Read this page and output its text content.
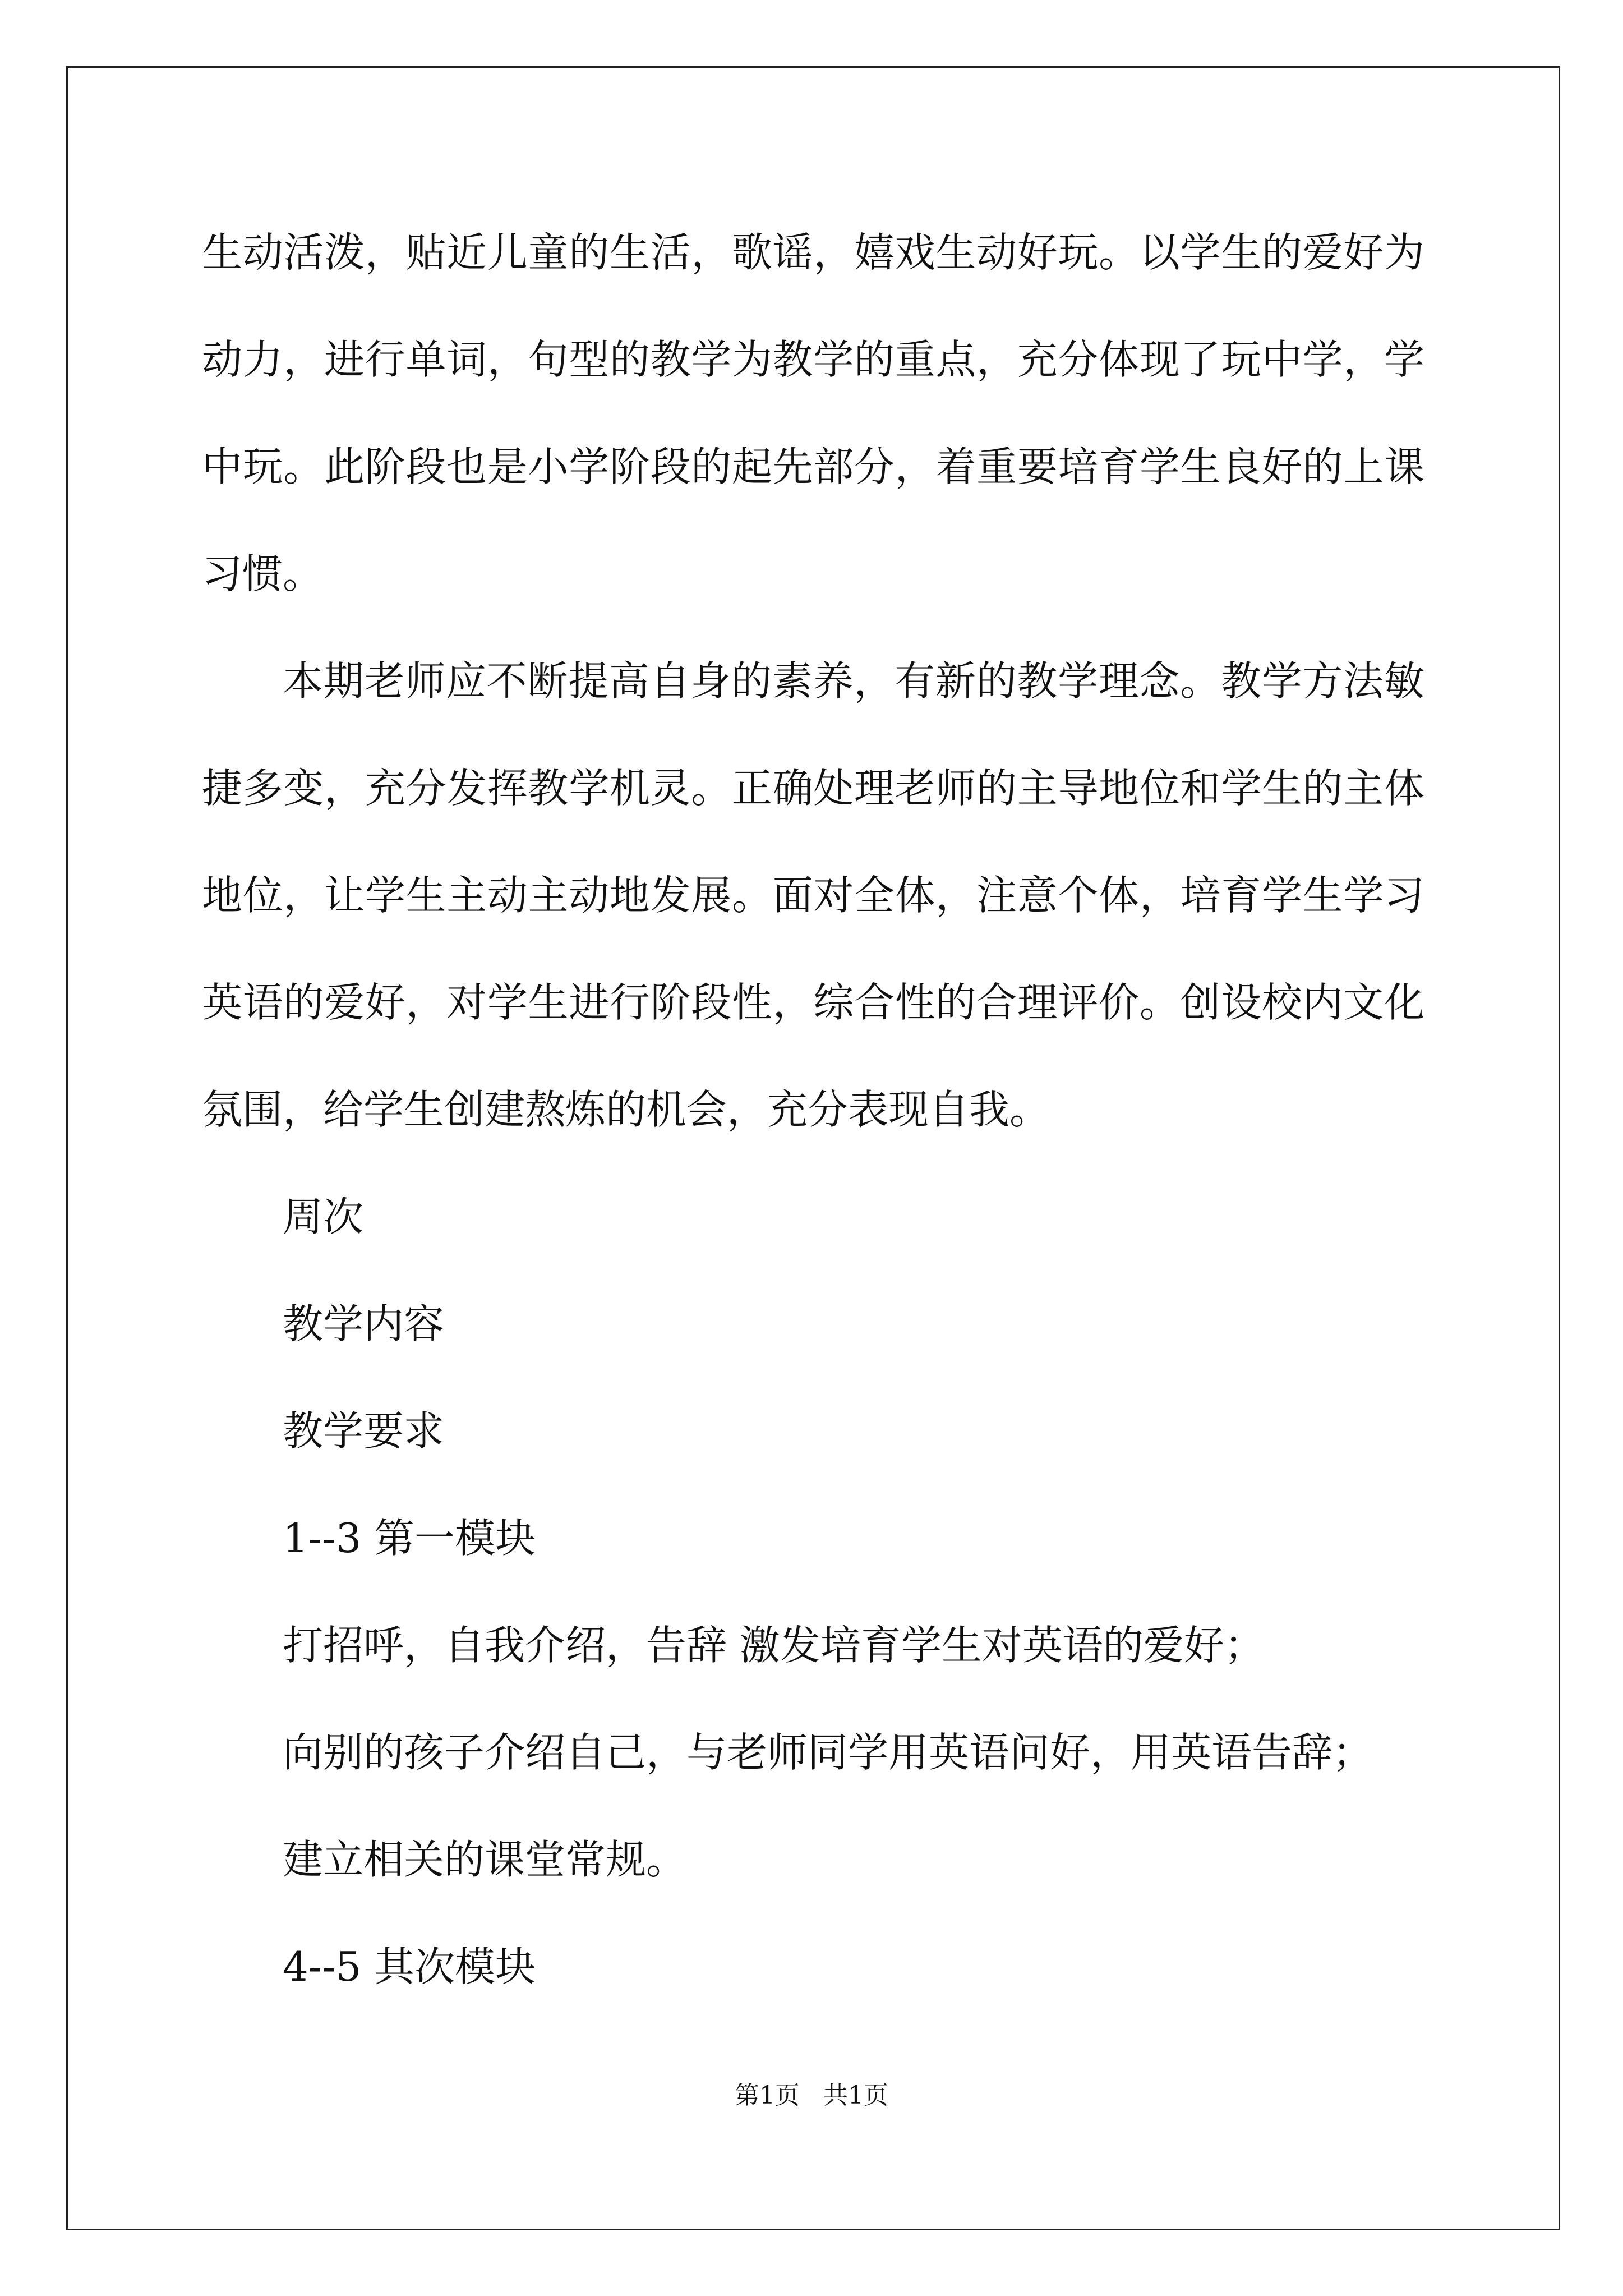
生动活泼，贴近儿童的生活，歌谣，嬉戏生动好玩。以学生的爱好为
动力，进行单词，句型的教学为教学的重点，充分体现了玩中学，学
中玩。此阶段也是小学阶段的起先部分，着重要培育学生良好的上课
习惯。
本期老师应不断提高自身的素养，有新的教学理念。教学方法敏
捷多变，充分发挥教学机灵。正确处理老师的主导地位和学生的主体
地位，让学生主动主动地发展。面对全体，注意个体，培育学生学习
英语的爱好，对学生进行阶段性，综合性的合理评价。创设校内文化
氛围，给学生创建熬炼的机会，充分表现自我。
周次
教学内容
教学要求
1--3 第一模块
打招呼，自我介绍，告辞 激发培育学生对英语的爱好；
向别的孩子介绍自己，与老师同学用英语问好，用英语告辞；
建立相关的课堂常规。
4--5 其次模块
第1页 共1页
